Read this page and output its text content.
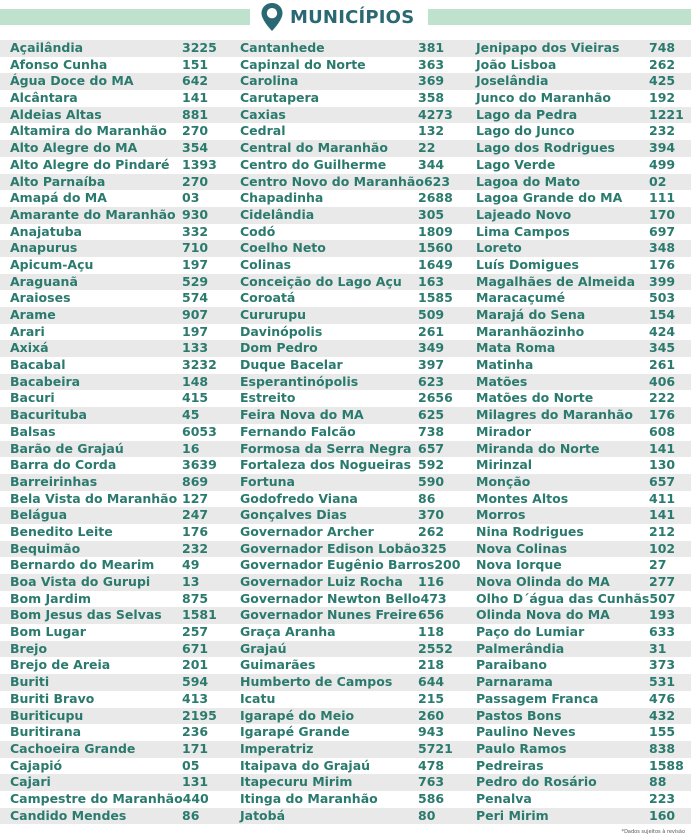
MUNICÍPIOS
Açailândia	3225
Afonso Cunha	151
Água Doce do MA	642
Alcântara	141
Aldeias Altas	881
Altamira do Maranhão 270
Alto Alegre do MA	354
Alto Alegre do Pindaré 1393
Alto Parnaíba	270
Amapá do MA	03
Amarante do Maranhão 930
Anajatuba	332
Anapurus	710
Apicum-Açu	197
Araguanã	529
Araioses	574
Arame	907
Arari	197
Axixá	133
Bacabal	3232
Bacabeira	148
Bacuri	415
Bacurituba	45
Balsas	6053
Barão de Grajaú	16
Barra do Corda	3639
Barreirinhas	869
Bela Vista do Maranhão 127
Belágua	247
Benedito Leite	176
Bequimão	232
Bernardo do Mearim 49
Boa Vista do Gurupi	13
Bom Jardim	875
Bom Jesus das Selvas 1581
Bom Lugar	257
Brejo	671
Brejo de Areia	201
Buriti	594
Buriti Bravo	413
Buriticupu	2195
Buritirana	236
Cachoeira Grande	171
Cajapió	05
Cajari	131
Campestre do Maranhão 440
Candido Mendes	86
Cantanhede	381
Capinzal do Norte	363
Carolina	369
Carutapera	358
Caxias	4273
Cedral	132
Central do Maranhão 22
Centro do Guilherme	344
Centro Novo do Maranhão 623
Chapadinha	2688
Cidelândia	305
Codó	1809
Coelho Neto	1560
Colinas	1649
Conceição do Lago Açu 163
Coroatá	1585
Cururupu	509
Davinópolis	261
Dom Pedro	349
Duque Bacelar	397
Esperantinópolis	623
Estreito	2656
Feira Nova do MA	625
Fernando Falcão	738
Formosa da Serra Negra 657
Fortaleza dos Nogueiras 592
Fortuna	590
Godofredo Viana	86
Gonçalves Dias	370
Governador Archer	262
Governador Edison Lobão 325
Governador Eugênio Barros 200
Governador Luiz Rocha 116
Governador Newton Bello 473
Governador Nunes Freire 656
Graça Aranha	118
Grajaú	2552
Guimarães	218
Humberto de Campos 644
Icatu	215
Igarapé do Meio	260
Igarapé Grande	943
Imperatriz	5721
Itaipava do Grajaú	478
Itapecuru Mirim	763
Itinga do Maranhão	586
Jatobá	80
Jenipapo dos Vieiras 748
João Lisboa	262
Joselândia	425
Junco do Maranhão	192
Lago da Pedra	1221
Lago do Junco	232
Lago dos Rodrigues	394
Lago Verde	499
Lagoa do Mato	02
Lagoa Grande do MA 111
Lajeado Novo	170
Lima Campos	697
Loreto	348
Luís Domigues	176
Magalhães de Almeida 399
Maracaçumé	503
Marajá do Sena	154
Maranhãozinho	424
Mata Roma	345
Matinha	261
Matões	406
Matões do Norte	222
Milagres do Maranhão 176
Mirador	608
Miranda do Norte	141
Mirinzal	130
Monção	657
Montes Altos	411
Morros	141
Nina Rodrigues	212
Nova Colinas	102
Nova Iorque	27
Nova Olinda do MA	277
Olho D´água das Cunhãs 507
Olinda Nova do MA	193
Paço do Lumiar	633
Palmerândia	31
Paraibano	373
Parnarama	531
Passagem Franca	476
Pastos Bons	432
Paulino Neves	155
Paulo Ramos	838
Pedreiras	1588
Pedro do Rosário	88
Penalva	223
Peri Mirim	160
*Dados sujeitos à revisão
